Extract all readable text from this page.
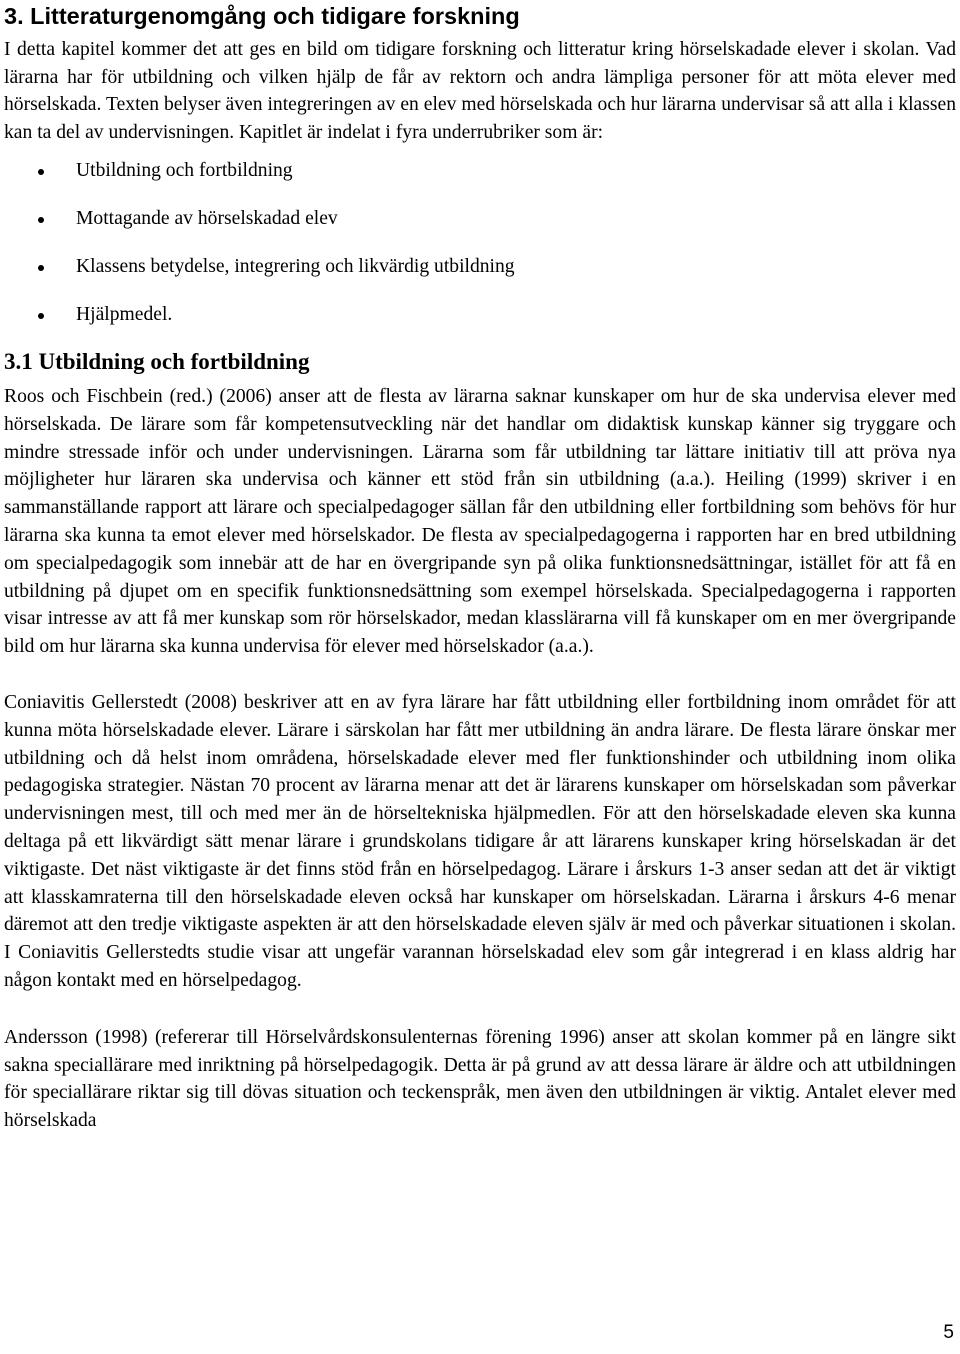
3. Litteraturgenomgång och tidigare forskning

I detta kapitel kommer det att ges en bild om tidigare forskning och litteratur kring hörselskadade elever i skolan. Vad lärarna har för utbildning och vilken hjälp de får av rektorn och andra lämpliga personer för att möta elever med hörselskada. Texten belyser även integreringen av en elev med hörselskada och hur lärarna undervisar så att alla i klassen kan ta del av undervisningen. Kapitlet är indelat i fyra underrubriker som är:

Utbildning och fortbildning
Mottagande av hörselskadad elev
Klassens betydelse, integrering och likvärdig utbildning
Hjälpmedel.
3.1 Utbildning och fortbildning

Roos och Fischbein (red.) (2006) anser att de flesta av lärarna saknar kunskaper om hur de ska undervisa elever med hörselskada. De lärare som får kompetensutveckling när det handlar om didaktisk kunskap känner sig tryggare och mindre stressade inför och under undervisningen. Lärarna som får utbildning tar lättare initiativ till att pröva nya möjligheter hur läraren ska undervisa och känner ett stöd från sin utbildning (a.a.). Heiling (1999) skriver i en sammanställande rapport att lärare och specialpedagoger sällan får den utbildning eller fortbildning som behövs för hur lärarna ska kunna ta emot elever med hörselskador. De flesta av specialpedagogerna i rapporten har en bred utbildning om specialpedagogik som innebär att de har en övergripande syn på olika funktionsnedsättningar, istället för att få en utbildning på djupet om en specifik funktionsnedsättning som exempel hörselskada. Specialpedagogerna i rapporten visar intresse av att få mer kunskap som rör hörselskador, medan klasslärarna vill få kunskaper om en mer övergripande bild om hur lärarna ska kunna undervisa för elever med hörselskador (a.a.).

Coniavitis Gellerstedt (2008) beskriver att en av fyra lärare har fått utbildning eller fortbildning inom området för att kunna möta hörselskadade elever. Lärare i särskolan har fått mer utbildning än andra lärare. De flesta lärare önskar mer utbildning och då helst inom områdena, hörselskadade elever med fler funktionshinder och utbildning inom olika pedagogiska strategier. Nästan 70 procent av lärarna menar att det är lärarens kunskaper om hörselskadan som påverkar undervisningen mest, till och med mer än de hörseltekniska hjälpmedlen. För att den hörselskadade eleven ska kunna deltaga på ett likvärdigt sätt menar lärare i grundskolans tidigare år att lärarens kunskaper kring hörselskadan är det viktigaste. Det näst viktigaste är det finns stöd från en hörselpedagog. Lärare i årskurs 1-3 anser sedan att det är viktigt att klasskamraterna till den hörselskadade eleven också har kunskaper om hörselskadan. Lärarna i årskurs 4-6 menar däremot att den tredje viktigaste aspekten är att den hörselskadade eleven själv är med och påverkar situationen i skolan. I Coniavitis Gellerstedts studie visar att ungefär varannan hörselskadad elev som går integrerad i en klass aldrig har någon kontakt med en hörselpedagog.

Andersson (1998) (refererar till Hörselvårdskonsulenternas förening 1996) anser att skolan kommer på en längre sikt sakna speciallärare med inriktning på hörselpedagogik. Detta är på grund av att dessa lärare är äldre och att utbildningen för speciallärare riktar sig till dövas situation och teckenspråk, men även den utbildningen är viktig. Antalet elever med hörselskada

5
